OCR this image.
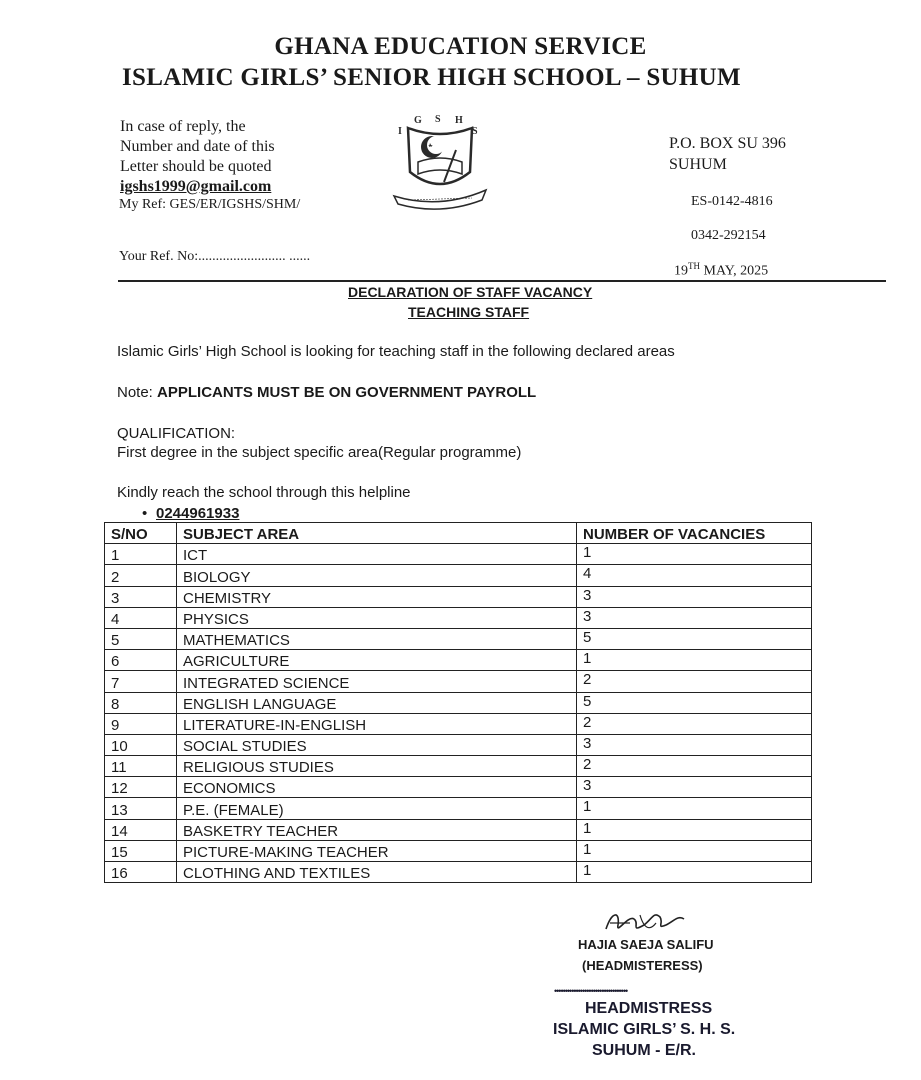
GHANA EDUCATION SERVICE
ISLAMIC GIRLS’ SENIOR HIGH SCHOOL – SUHUM
In case of reply, the
Number and date of this
Letter should be quoted
igshs1999@gmail.com
My Ref: GES/ER/IGSHS/SHM/
Your Ref. No:......................... ......
I
G S H
S
P.O. BOX SU 396
SUHUM
ES-0142-4816
0342-292154
19TH MAY, 2025
DECLARATION OF STAFF VACANCY
TEACHING STAFF
Islamic Girls’ High School is looking for teaching staff in the following declared areas
Note: APPLICANTS MUST BE ON GOVERNMENT PAYROLL
QUALIFICATION:
First degree in the subject specific area(Regular programme)
Kindly reach the school through this helpline
• 0244961933
S/NO	SUBJECT AREA	NUMBER OF VACANCIES
1	ICT	1
2	BIOLOGY	4
3	CHEMISTRY	3
4	PHYSICS	3
5	MATHEMATICS	5
6	AGRICULTURE	1
7	INTEGRATED SCIENCE	2
8	ENGLISH LANGUAGE	5
9	LITERATURE-IN-ENGLISH	2
10	SOCIAL STUDIES	3
11	RELIGIOUS STUDIES	2
12	ECONOMICS	3
13	P.E. (FEMALE)	1
14	BASKETRY TEACHER	1
15	PICTURE-MAKING TEACHER	1
16	CLOTHING AND TEXTILES	1
HAJIA SAEJA SALIFU
(HEADMISTERESS)
••••••••••••••••••••••••••••••••••
HEADMISTRESS
ISLAMIC GIRLS’ S. H. S.
SUHUM - E/R.
